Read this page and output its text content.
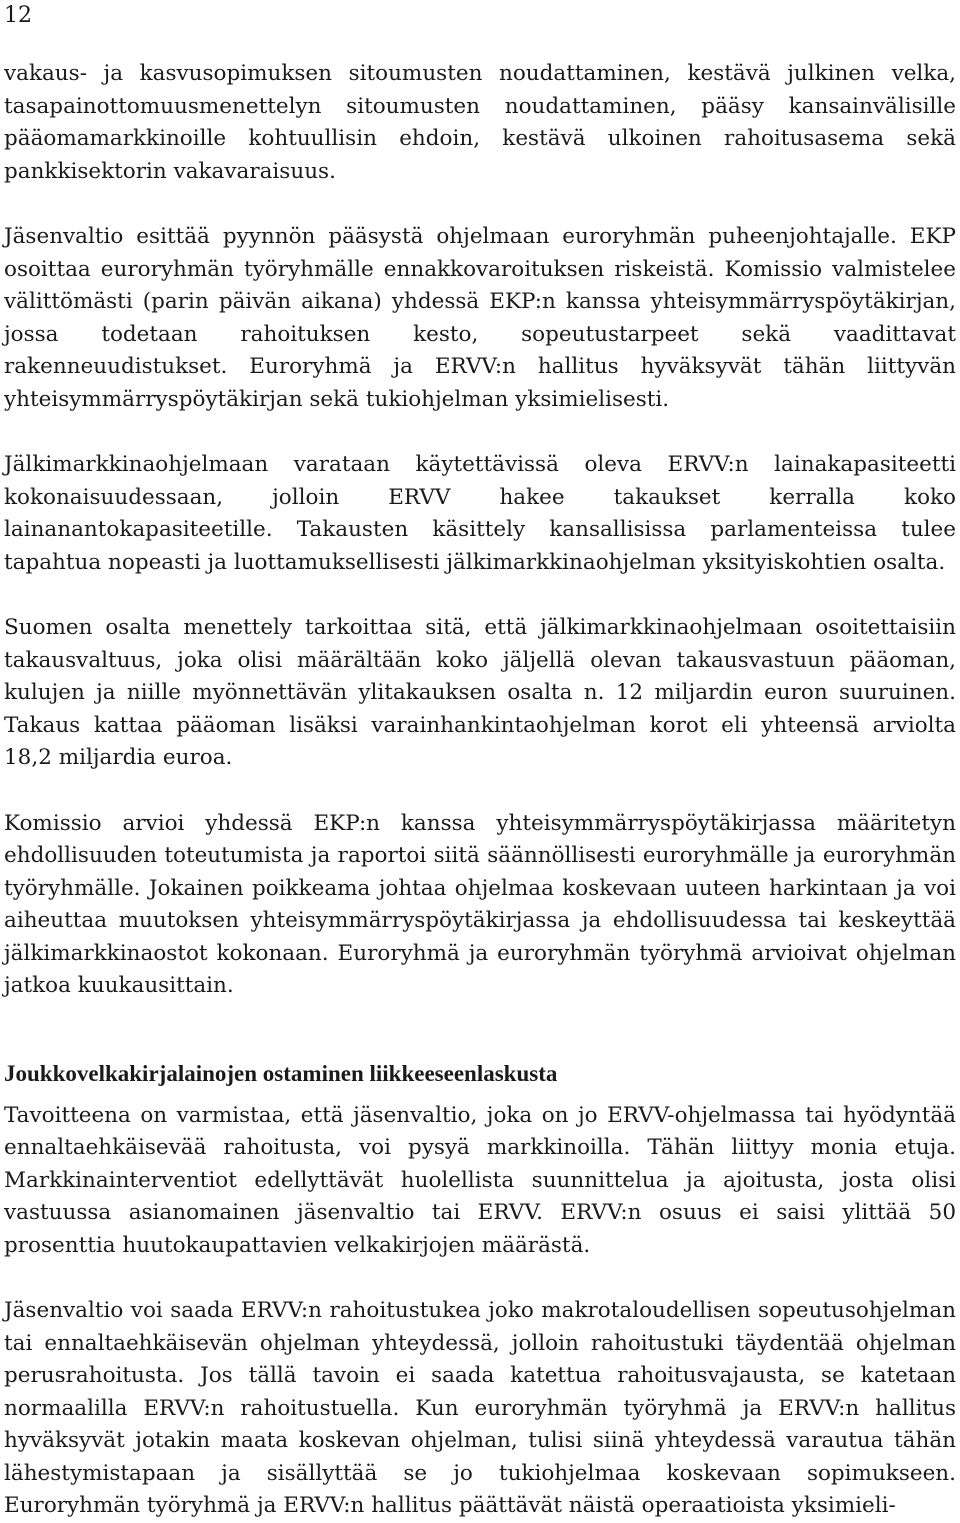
12

vakaus- ja kasvusopimuksen sitoumusten noudattaminen, kestävä julkinen velka, tasapainottomuusmenettelyn sitoumusten noudattaminen, pääsy kansainvälisille pääomamarkkinoille kohtuullisin ehdoin, kestävä ulkoinen rahoitusasema sekä pankkisektorin vakavaraisuus.

Jäsenvaltio esittää pyynnön pääsystä ohjelmaan euroryhmän puheenjohtajalle. EKP osoittaa euroryhmän työryhmälle ennakkovaroituksen riskeistä. Komissio valmistelee välittömästi (parin päivän aikana) yhdessä EKP:n kanssa yhteisymmärryspöytäkirjan, jossa todetaan rahoituksen kesto, sopeutustarpeet sekä vaadittavat rakenneuudistukset. Euroryhmä ja ERVV:n hallitus hyväksyvät tähän liittyvän yhteisymmärryspöytäkirjan sekä tukiohjelman yksimielisesti.

Jälkimarkkinaohjelmaan varataan käytettävissä oleva ERVV:n lainakapasiteetti kokonaisuudessaan, jolloin ERVV hakee takaukset kerralla koko lainanantokapasiteetille. Takausten käsittely kansallisissa parlamenteissa tulee tapahtua nopeasti ja luottamuksellisesti jälkimarkkinaohjelman yksityiskohtien osalta.

Suomen osalta menettely tarkoittaa sitä, että jälkimarkkinaohjelmaan osoitettaisiin takausvaltuus, joka olisi määrältään koko jäljellä olevan takausvastuun pääoman, kulujen ja niille myönnettävän ylitakauksen osalta n. 12 miljardin euron suuruinen. Takaus kattaa pääoman lisäksi varainhankintaohjelman korot eli yhteensä arviolta 18,2 miljardia euroa.

Komissio arvioi yhdessä EKP:n kanssa yhteisymmärryspöytäkirjassa määritetyn ehdollisuuden toteutumista ja raportoi siitä säännöllisesti euroryhmälle ja euroryhmän työryhmälle. Jokainen poikkeama johtaa ohjelmaa koskevaan uuteen harkintaan ja voi aiheuttaa muutoksen yhteisymmärryspöytäkirjassa ja ehdollisuudessa tai keskeyttää jälkimarkkinaostot kokonaan. Euroryhmä ja euroryhmän työryhmä arvioivat ohjelman jatkoa kuukausittain.

Joukkovelkakirjalainojen ostaminen liikkeeseenlaskusta

Tavoitteena on varmistaa, että jäsenvaltio, joka on jo ERVV-ohjelmassa tai hyödyntää ennaltaehkäisevää rahoitusta, voi pysyä markkinoilla. Tähän liittyy monia etuja. Markkinainterventiot edellyttävät huolellista suunnittelua ja ajoitusta, josta olisi vastuussa asianomainen jäsenvaltio tai ERVV. ERVV:n osuus ei saisi ylittää 50 prosenttia huutokaupattavien velkakirjojen määrästä.

Jäsenvaltio voi saada ERVV:n rahoitustukea joko makrotaloudellisen sopeutusohjelman tai ennaltaehkäisevän ohjelman yhteydessä, jolloin rahoitustuki täydentää ohjelman perusrahoitusta. Jos tällä tavoin ei saada katettua rahoitusvajausta, se katetaan normaalilla ERVV:n rahoitustuella. Kun euroryhmän työryhmä ja ERVV:n hallitus hyväksyvät jotakin maata koskevan ohjelman, tulisi siinä yhteydessä varautua tähän lähestymistapaan ja sisällyttää se jo tukiohjelmaa koskevaan sopimukseen. Euroryhmän työryhmä ja ERVV:n hallitus päättävät näistä operaatioista yksimieli-
